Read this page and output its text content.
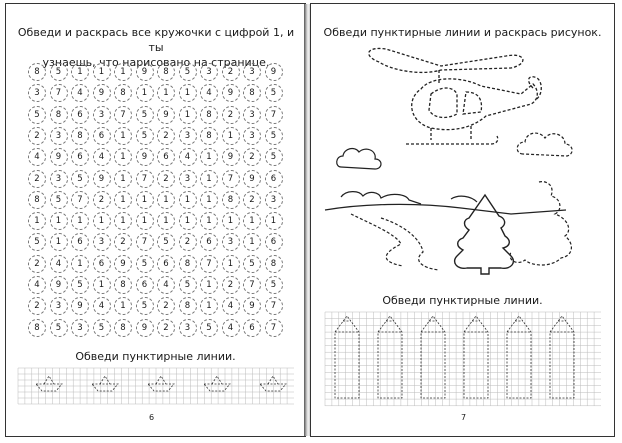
Обведи и раскрась все кружочки с цифрой 1, и ты
узнаешь, что нарисовано на странице.
8	5	1	1	1	9	8	5	3	2	3	9
3	7	4	9	8	1	1	1	4	9	8	5
5	8	6	3	7	5	9	1	8	2	3	7
2	3	8	6	1	5	2	3	8	1	3	5
4	9	6	4	1	9	6	4	1	9	2	5
2	3	5	9	1	7	2	3	1	7	9	6
8	5	7	2	1	1	1	1	1	8	2	3
1	1	1	1	1	1	1	1	1	1	1	1
5	1	6	3	2	7	5	2	6	3	1	6
2	4	1	6	9	5	6	8	7	1	5	8
4	9	5	1	8	6	4	5	1	2	7	5
2	3	9	4	1	5	2	8	1	4	9	7
8	5	3	5	8	9	2	3	5	4	6	7
Обведи пунктирные линии.
6
Обведи пунктирные линии и раскрась рисунок.
Обведи пунктирные линии.
7
